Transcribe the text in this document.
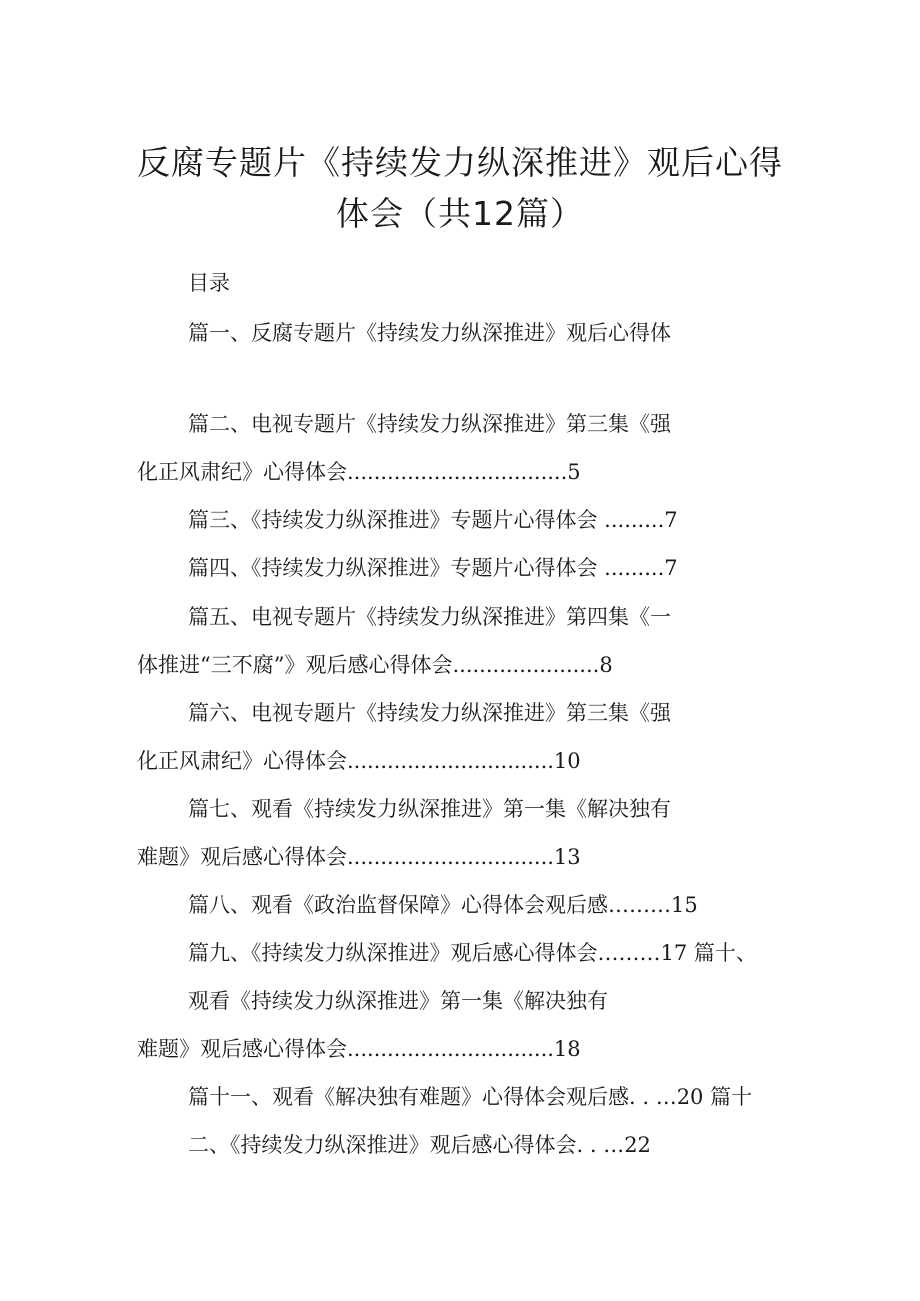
反腐专题片《持续发力纵深推进》观后心得
体会（共12篇）
目录
篇一、反腐专题片《持续发力纵深推进》观后心得体
篇二、电视专题片《持续发力纵深推进》第三集《强
化正风肃纪》心得体会.................................5
篇三、《持续发力纵深推进》专题片心得体会 .........7
篇四、《持续发力纵深推进》专题片心得体会 .........7
篇五、电视专题片《持续发力纵深推进》第四集《一
体推进“三不腐”》观后感心得体会......................8
篇六、电视专题片《持续发力纵深推进》第三集《强
化正风肃纪》心得体会...............................10
篇七、观看《持续发力纵深推进》第一集《解决独有
难题》观后感心得体会...............................13
篇八、观看《政治监督保障》心得体会观后感………15
篇九、《持续发力纵深推进》观后感心得体会………17 篇十、
观看《持续发力纵深推进》第一集《解决独有
难题》观后感心得体会...............................18
篇十一、观看《解决独有难题》心得体会观后感. . …20 篇十
二、《持续发力纵深推进》观后感心得体会. . …22
